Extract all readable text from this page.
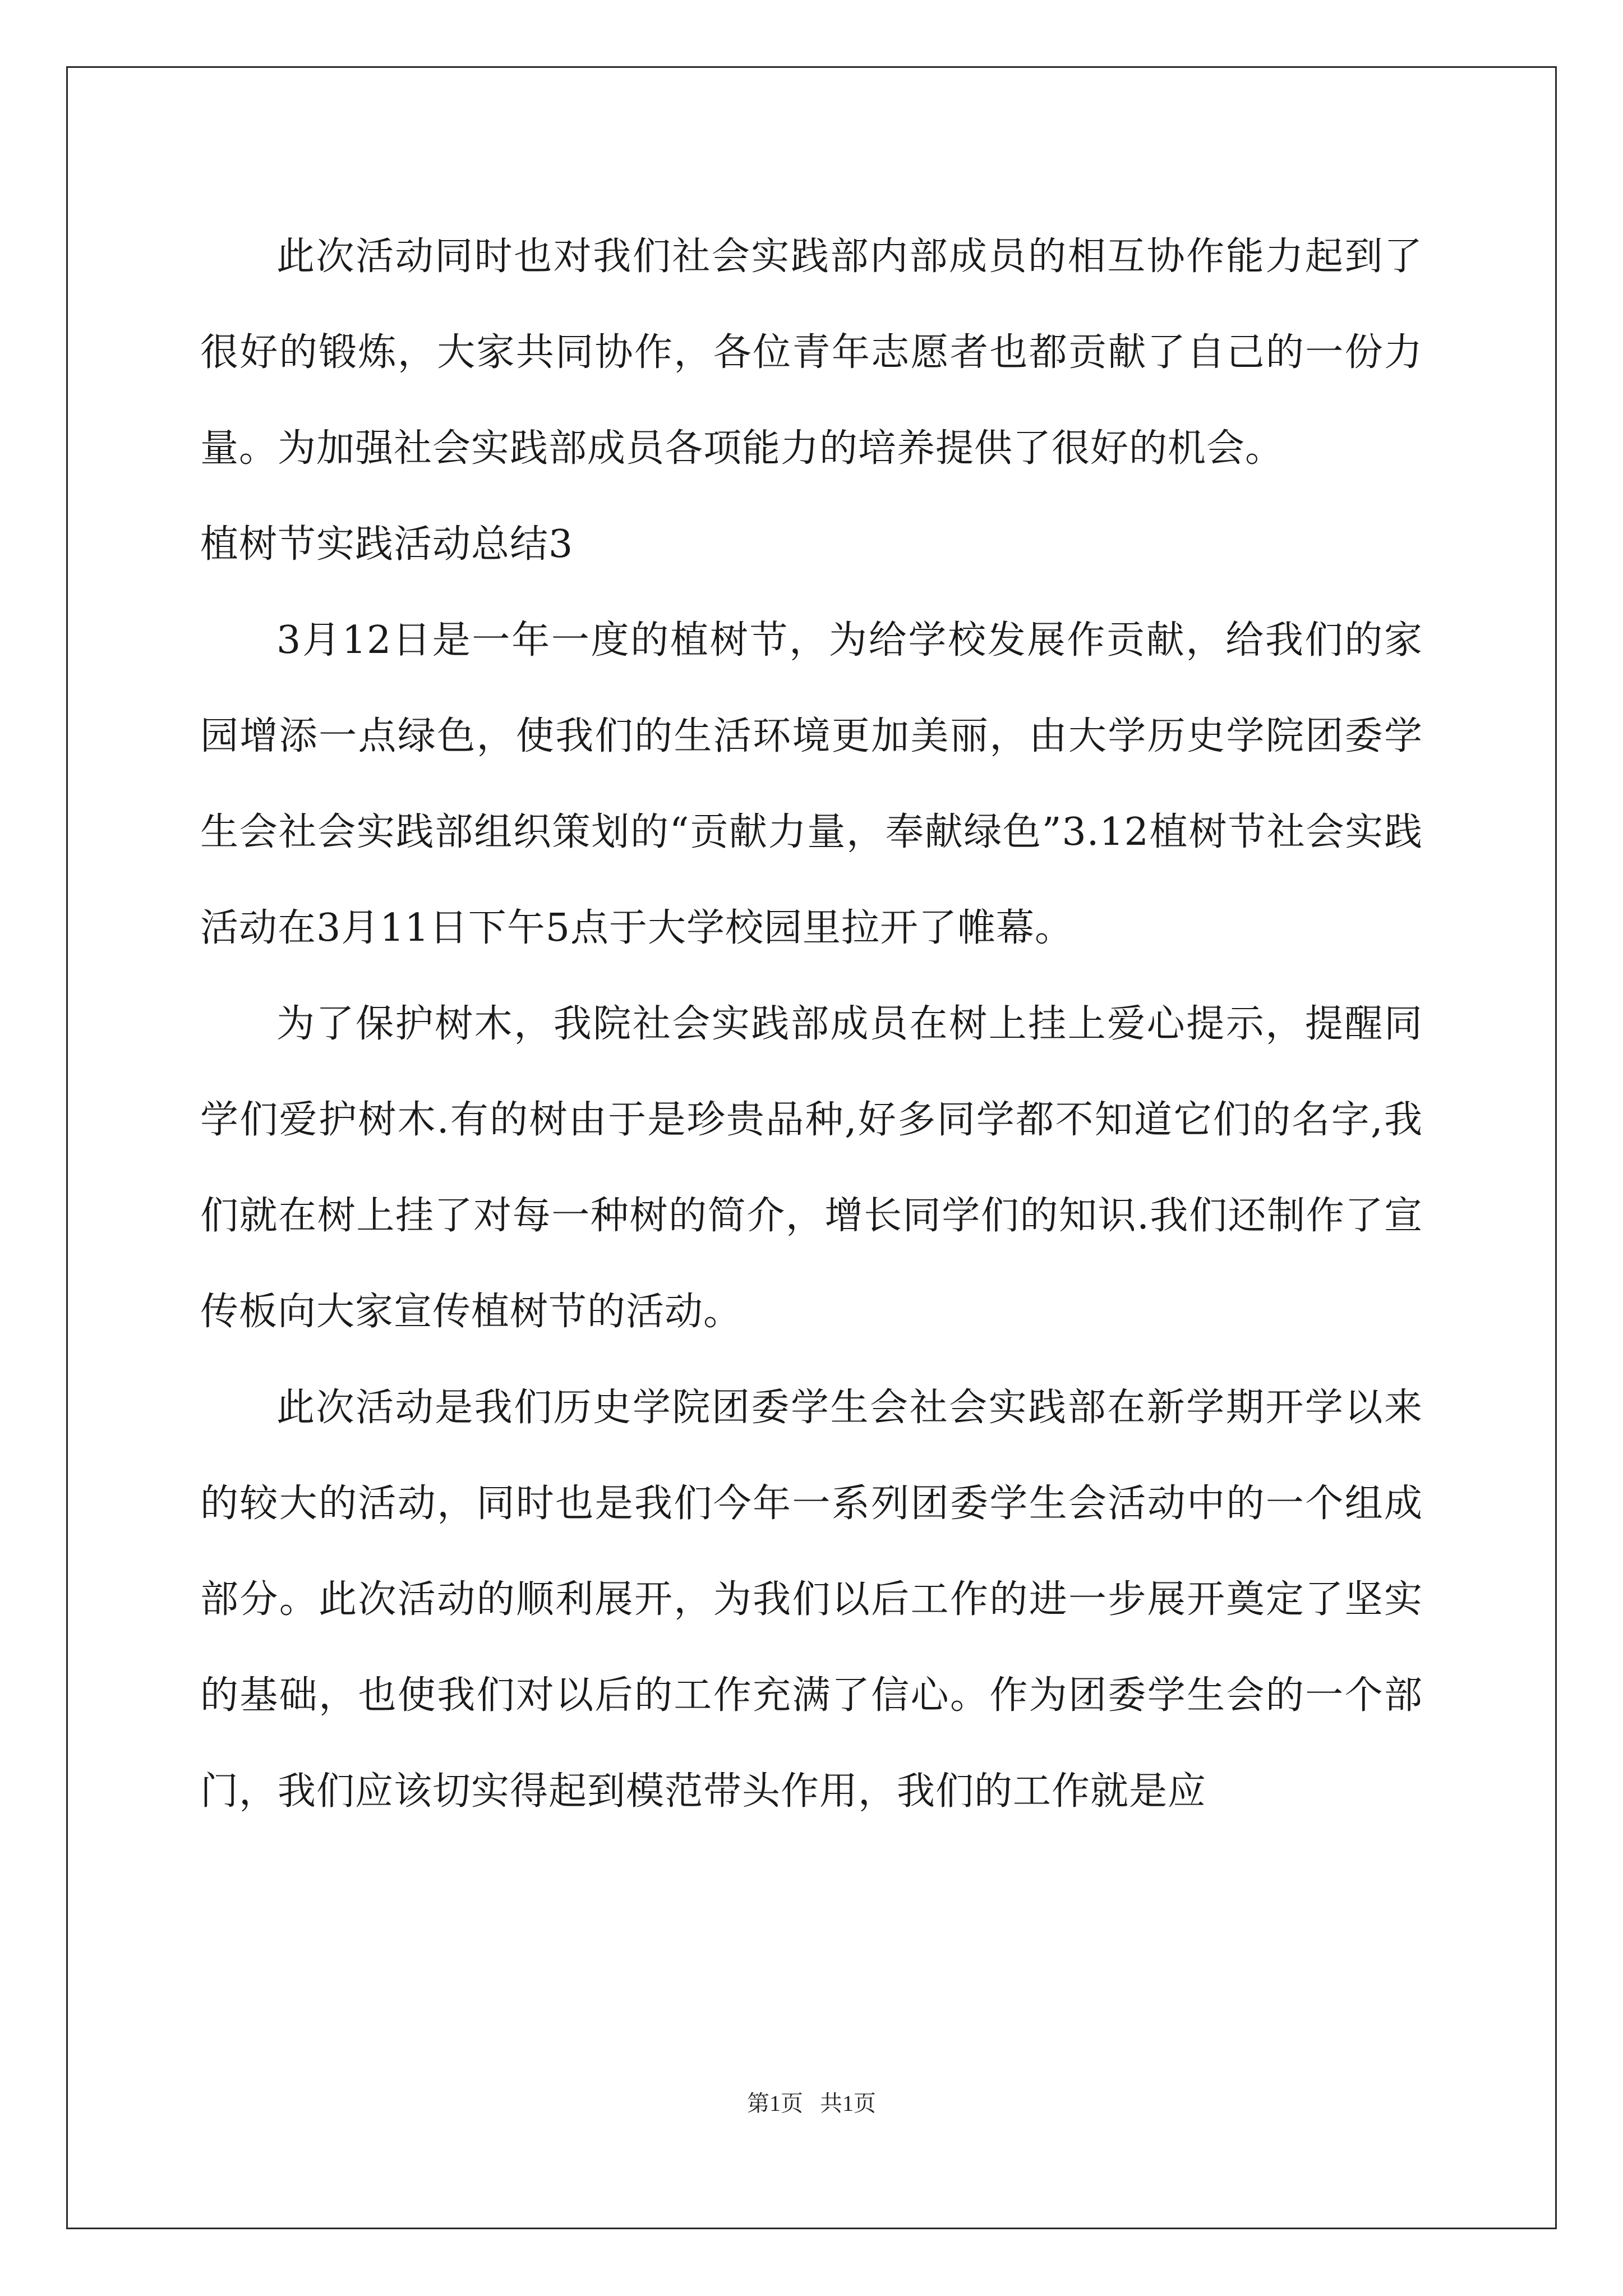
此次活动同时也对我们社会实践部内部成员的相互协作能力起到了很好的锻炼，大家共同协作，各位青年志愿者也都贡献了自己的一份力量。为加强社会实践部成员各项能力的培养提供了很好的机会。

植树节实践活动总结3

3月12日是一年一度的植树节，为给学校发展作贡献，给我们的家园增添一点绿色，使我们的生活环境更加美丽，由大学历史学院团委学生会社会实践部组织策划的“贡献力量，奉献绿色”3.12植树节社会实践活动在3月11日下午5点于大学校园里拉开了帷幕。

为了保护树木，我院社会实践部成员在树上挂上爱心提示，提醒同学们爱护树木.有的树由于是珍贵品种,好多同学都不知道它们的名字,我们就在树上挂了对每一种树的简介，增长同学们的知识.我们还制作了宣传板向大家宣传植树节的活动。

此次活动是我们历史学院团委学生会社会实践部在新学期开学以来的较大的活动，同时也是我们今年一系列团委学生会活动中的一个组成部分。此次活动的顺利展开，为我们以后工作的进一步展开奠定了坚实的基础，也使我们对以后的工作充满了信心。作为团委学生会的一个部门，我们应该切实得起到模范带头作用，我们的工作就是应

第1页 共1页
